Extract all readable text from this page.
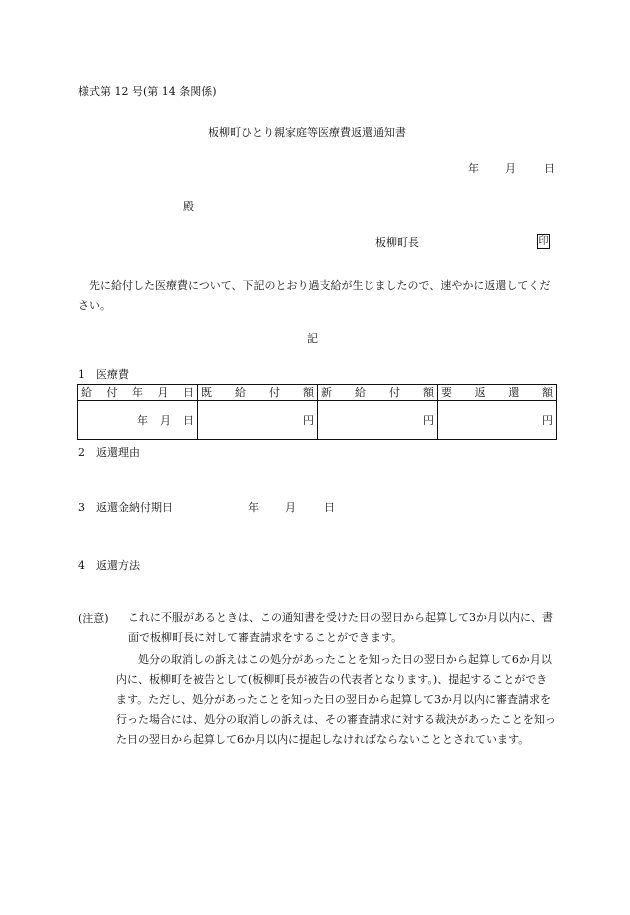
様式第 12 号(第 14 条関係)
板柳町ひとり親家庭等医療費返還通知書
年 月	日
殿
板柳町長	印
　先に給付した医療費について、下記のとおり過支給が生じましたので、速やかに返還してください。
記
1　 医療費
給 付 年 月 日	既 給 付 額	新 給 付 額	要 返 還 額

年 月 日	円	円	円
2　 返還理由
3　 返還金納付期日	年 月	日
4　 返還方法
(注意) これに不服があるときは、この通知書を受けた日の翌日から起算して3か月以内に、書面で板柳町長に対して審査請求をすることができます。
　　処分の取消しの訴えはこの処分があったことを知った日の翌日から起算して6か月以内に、板柳町を被告として(板柳町長が被告の代表者となります。)、提起することができます。ただし、処分があったことを知った日の翌日から起算して3か月以内に審査請求を行った場合には、処分の取消しの訴えは、その審査請求に対する裁決があったことを知った日の翌日から起算して6か月以内に提起しなければならないこととされています。
